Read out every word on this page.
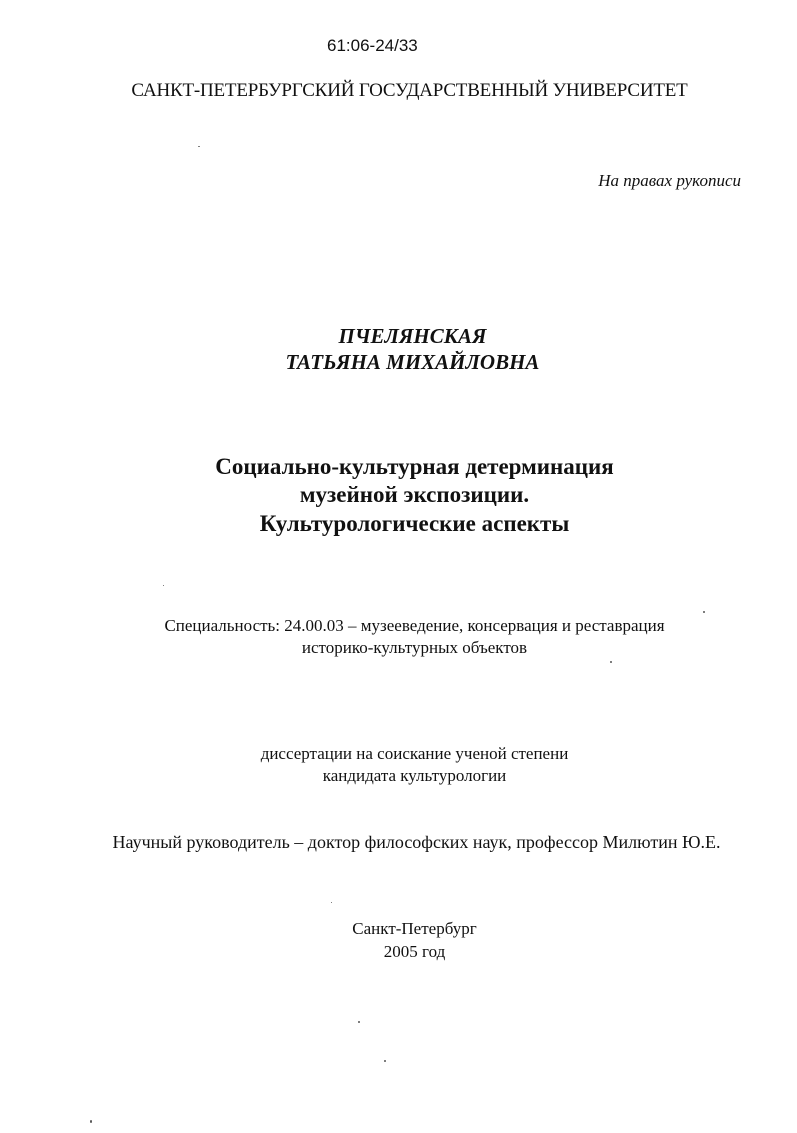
61:06-24/33
САНКТ-ПЕТЕРБУРГСКИЙ ГОСУДАРСТВЕННЫЙ УНИВЕРСИТЕТ
На правах рукописи
ПЧЕЛЯНСКАЯ
ТАТЬЯНА МИХАЙЛОВНА
Социально-культурная детерминация
музейной экспозиции.
Культурологические аспекты
Специальность: 24.00.03 – музееведение, консервация и реставрация
историко-культурных объектов
диссертации на соискание ученой степени
кандидата культурологии
Научный руководитель – доктор философских наук, профессор Милютин Ю.Е.
Санкт-Петербург
2005 год
